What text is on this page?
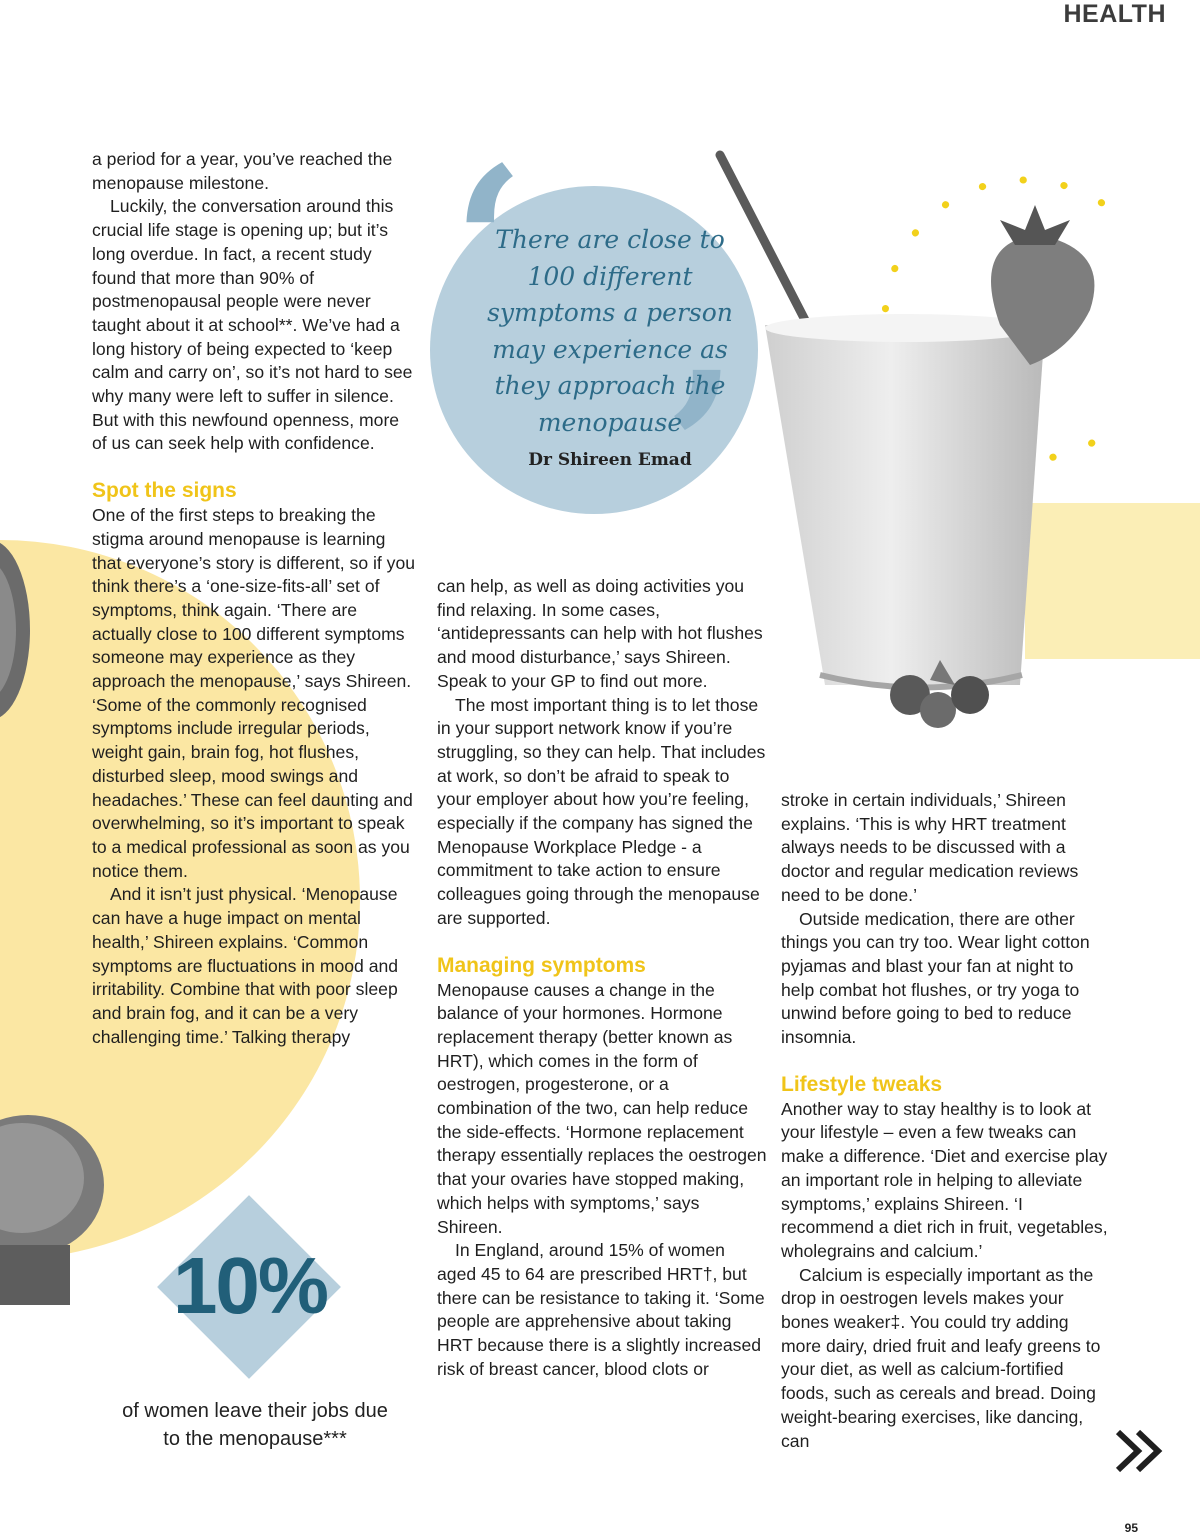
‘
’
There are close to 100 different symptoms a person may experience as they approach the menopause
Dr Shireen Emad
HEALTH

a period for a year, you’ve reached the menopause milestone.

Luckily, the conversation around this crucial life stage is opening up; but it’s long overdue. In fact, a recent study found that more than 90% of postmenopausal people were never taught about it at school**. We’ve had a long history of being expected to ‘keep calm and carry on’, so it’s not hard to see why many were left to suffer in silence. But with this newfound openness, more of us can seek help with confidence.

Spot the signs

One of the first steps to breaking the stigma around menopause is learning that everyone’s story is different, so if you think there’s a ‘one-size-fits-all’ set of symptoms, think again. ‘There are actually close to 100 different symptoms someone may experience as they approach the menopause,’ says Shireen. ‘Some of the commonly recognised symptoms include irregular periods, weight gain, brain fog, hot flushes, disturbed sleep, mood swings and headaches.’ These can feel daunting and overwhelming, so it’s important to speak to a medical professional as soon as you notice them.

And it isn’t just physical. ‘Menopause can have a huge impact on mental health,’ Shireen explains. ‘Common symptoms are fluctuations in mood and irritability. Combine that with poor sleep and brain fog, and it can be a very challenging time.’ Talking therapy

can help, as well as doing activities you find relaxing. In some cases, ‘antidepressants can help with hot flushes and mood disturbance,’ says Shireen. Speak to your GP to find out more.

The most important thing is to let those in your support network know if you’re struggling, so they can help. That includes at work, so don’t be afraid to speak to your employer about how you’re feeling, especially if the company has signed the Menopause Workplace Pledge - a commitment to take action to ensure colleagues going through the menopause are supported.

Managing symptoms

Menopause causes a change in the balance of your hormones. Hormone replacement therapy (better known as HRT), which comes in the form of oestrogen, progesterone, or a combination of the two, can help reduce the side-effects. ‘Hormone replacement therapy essentially replaces the oestrogen that your ovaries have stopped making, which helps with symptoms,’ says Shireen.

In England, around 15% of women aged 45 to 64 are prescribed HRT†, but there can be resistance to taking it. ‘Some people are apprehensive about taking HRT because there is a slightly increased risk of breast cancer, blood clots or

stroke in certain individuals,’ Shireen explains. ‘This is why HRT treatment always needs to be discussed with a doctor and regular medication reviews need to be done.’

Outside medication, there are other things you can try too. Wear light cotton pyjamas and blast your fan at night to help combat hot flushes, or try yoga to unwind before going to bed to reduce insomnia.

Lifestyle tweaks

Another way to stay healthy is to look at your lifestyle – even a few tweaks can make a difference. ‘Diet and exercise play an important role in helping to alleviate symptoms,’ explains Shireen. ‘I recommend a diet rich in fruit, vegetables, wholegrains and calcium.’

Calcium is especially important as the drop in oestrogen levels makes your bones weaker‡. You could try adding more dairy, dried fruit and leafy greens to your diet, as well as calcium-fortified foods, such as cereals and bread. Doing weight-bearing exercises, like dancing, can

10%
of women leave their jobs due to the menopause***
95
